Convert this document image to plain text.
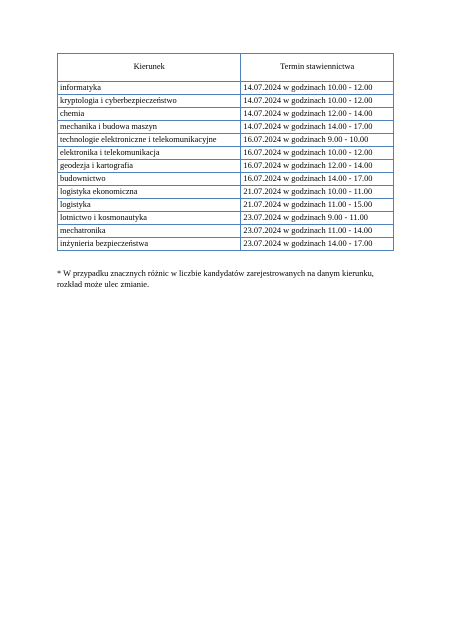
Kierunek	Termin stawiennictwa
informatyka	14.07.2024 w godzinach 10.00 - 12.00
kryptologia i cyberbezpieczeństwo	14.07.2024 w godzinach 10.00 - 12.00
chemia	14.07.2024 w godzinach 12.00 - 14.00
mechanika i budowa maszyn	14.07.2024 w godzinach 14.00 - 17.00
technologie elektroniczne i telekomunikacyjne	16.07.2024 w godzinach 9.00 - 10.00
elektronika i telekomunikacja	16.07.2024 w godzinach 10.00 - 12.00
geodezja i kartografia	16.07.2024 w godzinach 12.00 - 14.00
budownictwo	16.07.2024 w godzinach 14.00 - 17.00
logistyka ekonomiczna	21.07.2024 w godzinach 10.00 - 11.00
logistyka	21.07.2024 w godzinach 11.00 - 15.00
lotnictwo i kosmonautyka	23.07.2024 w godzinach 9.00 - 11.00
mechatronika	23.07.2024 w godzinach 11.00 - 14.00
inżynieria bezpieczeństwa	23.07.2024 w godzinach 14.00 - 17.00

* W przypadku znacznych różnic w liczbie kandydatów zarejestrowanych na danym kierunku, rozkład może ulec zmianie.
